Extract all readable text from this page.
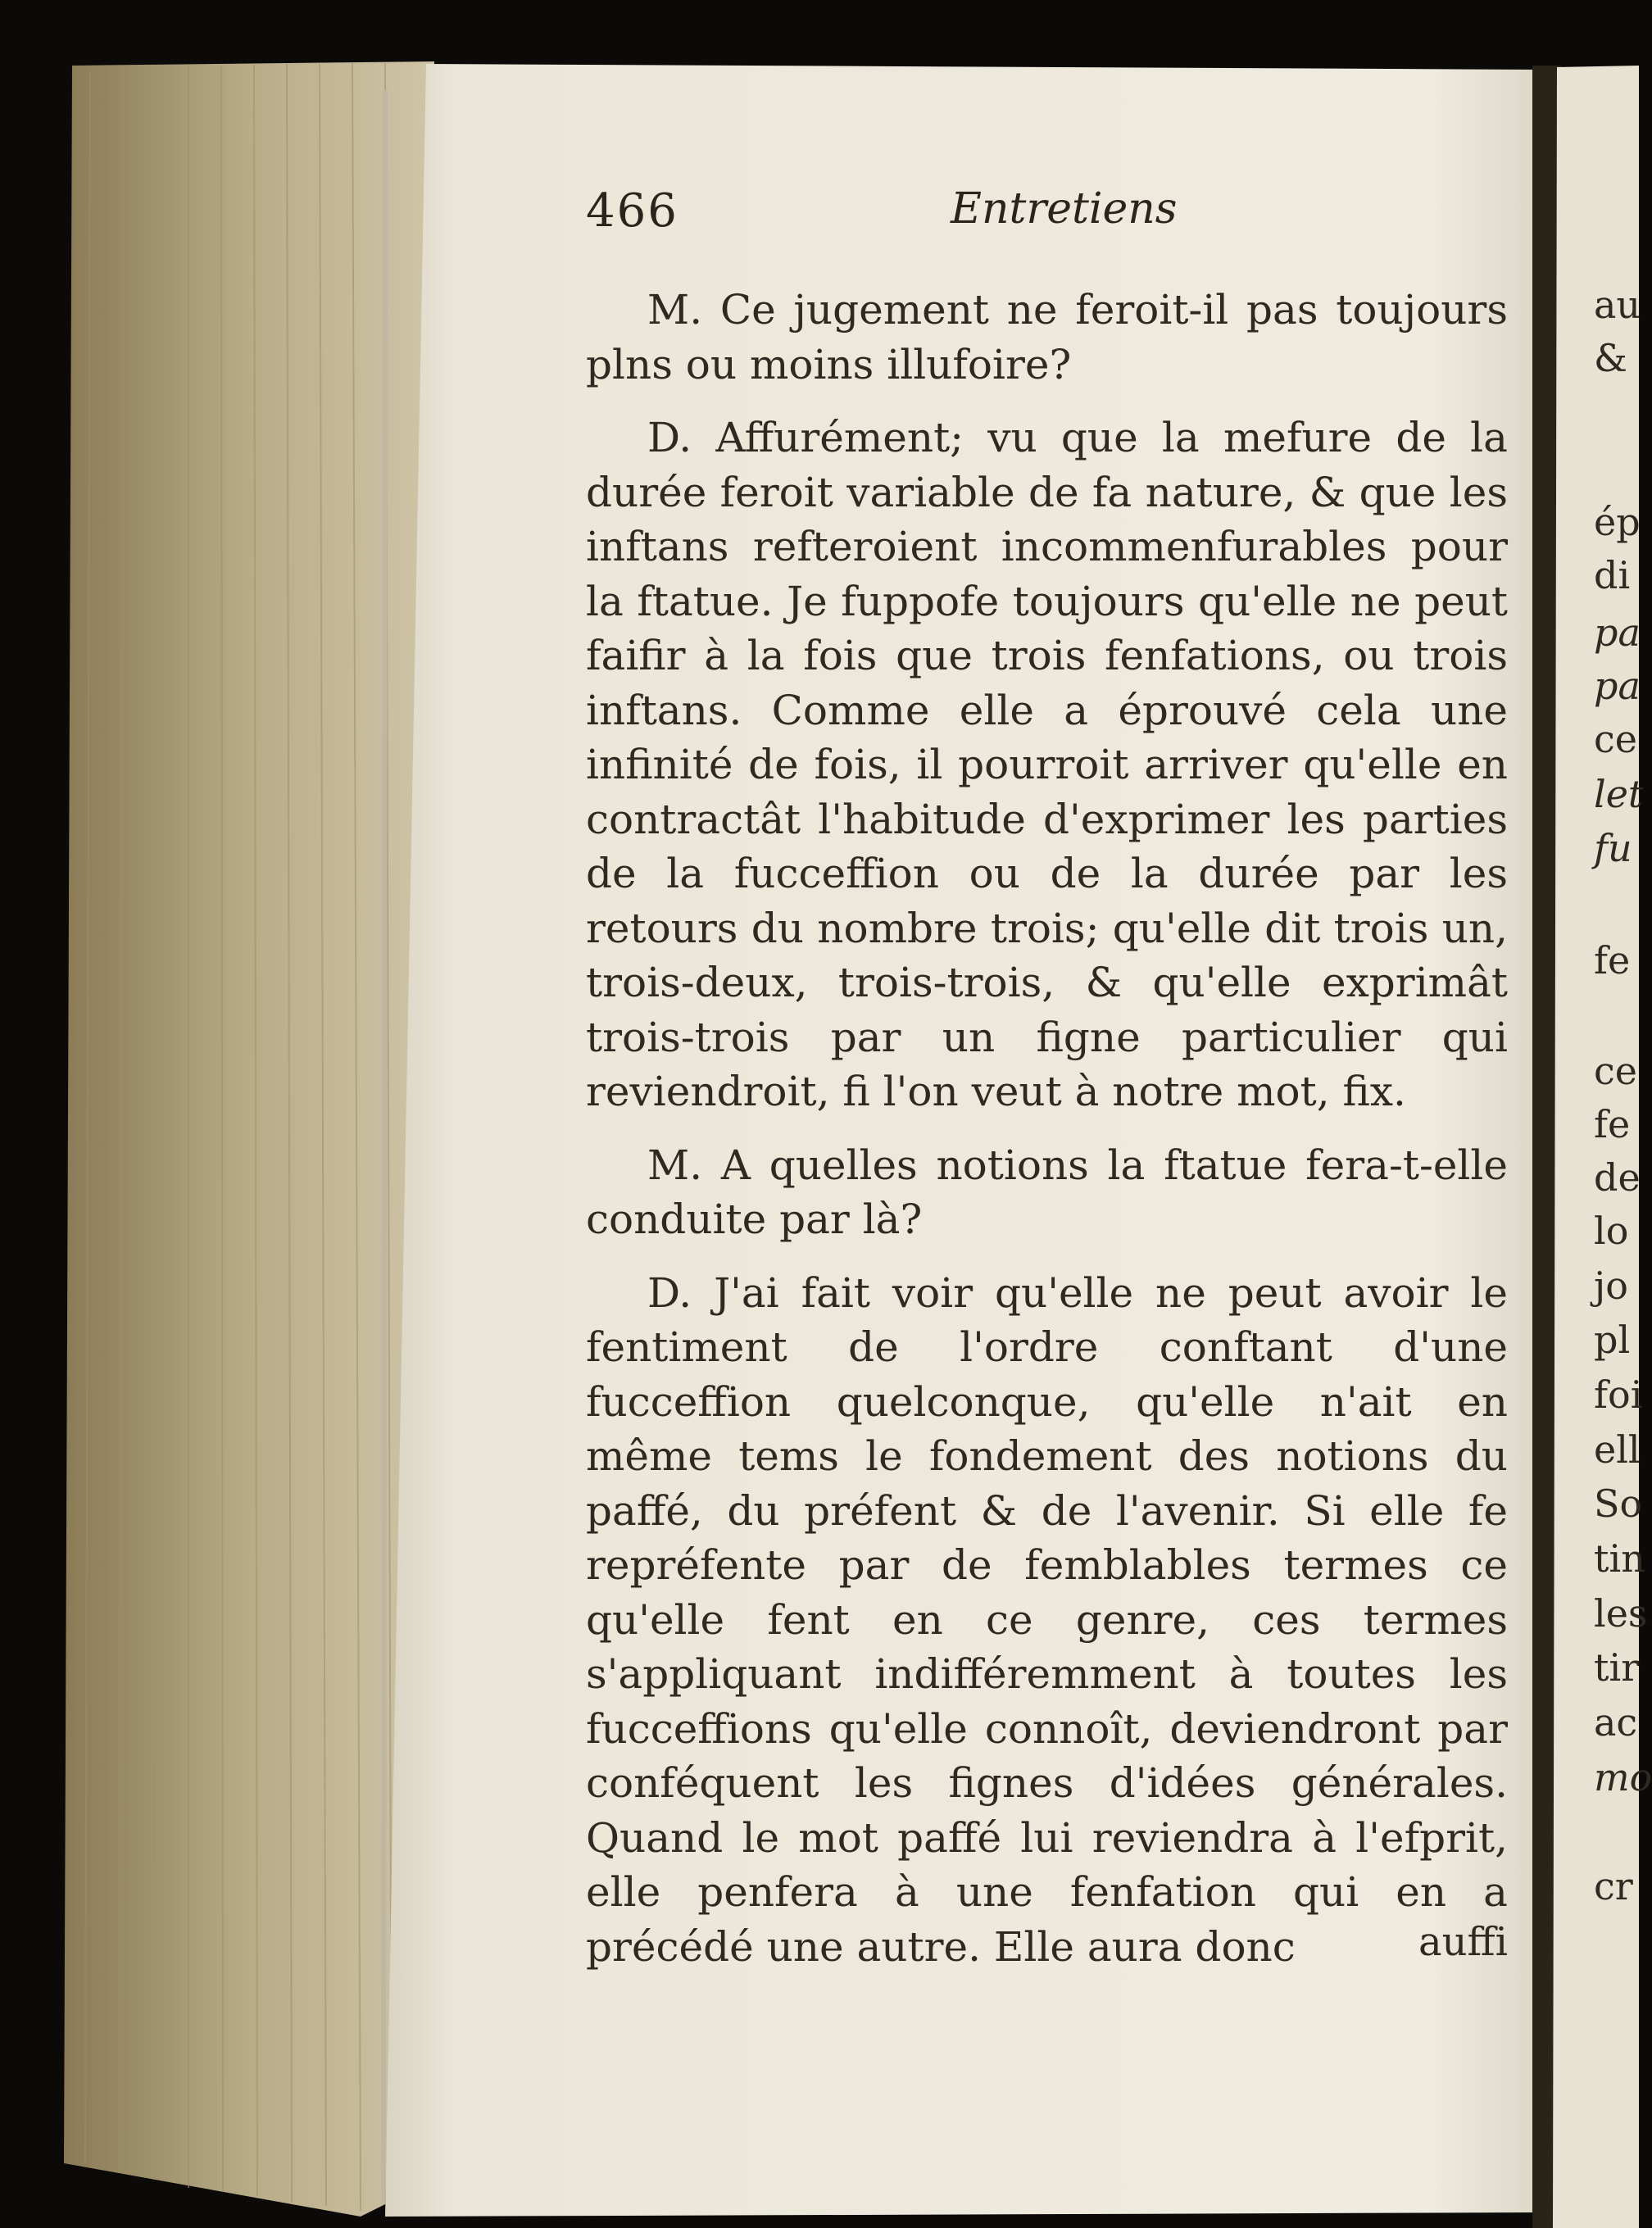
466	Entretiens

M. Ce jugement ne feroit-il pas toujours plns ou moins illufoire?

D. Affurément; vu que la mefure de la durée feroit variable de fa nature, & que les inftans refteroient incommenfurables pour la ftatue. Je fuppofe toujours qu'elle ne peut faifir à la fois que trois fenfations, ou trois inftans. Comme elle a éprouvé cela une infinité de fois, il pourroit arriver qu'elle en contractât l'habitude d'exprimer les parties de la fucceffion ou de la durée par les retours du nombre trois; qu'elle dit trois un, trois-deux, trois-trois, & qu'elle exprimât trois-trois par un figne particulier qui reviendroit, fi l'on veut à notre mot, fix.

M. A quelles notions la ftatue fera-t-elle conduite par là?

D. J'ai fait voir qu'elle ne peut avoir le fentiment de l'ordre conftant d'une fucceffion quelconque, qu'elle n'ait en même tems le fondement des notions du paffé, du préfent & de l'avenir. Si elle fe repréfente par de femblables termes ce qu'elle fent en ce genre, ces termes s'appliquant indifféremment à toutes les fucceffions qu'elle connoît, deviendront par conféquent les fignes d'idées générales. Quand le mot paffé lui reviendra à l'efprit, elle penfera à une fenfation qui en a précédé une autre. Elle aura donc	auffi
au
&
ép
di
pa
pa
ce
let
fu
fe
ce
fe
de
lo
jo
pl
foi
ell
So
tin
les
tir
ac
mo
cr
